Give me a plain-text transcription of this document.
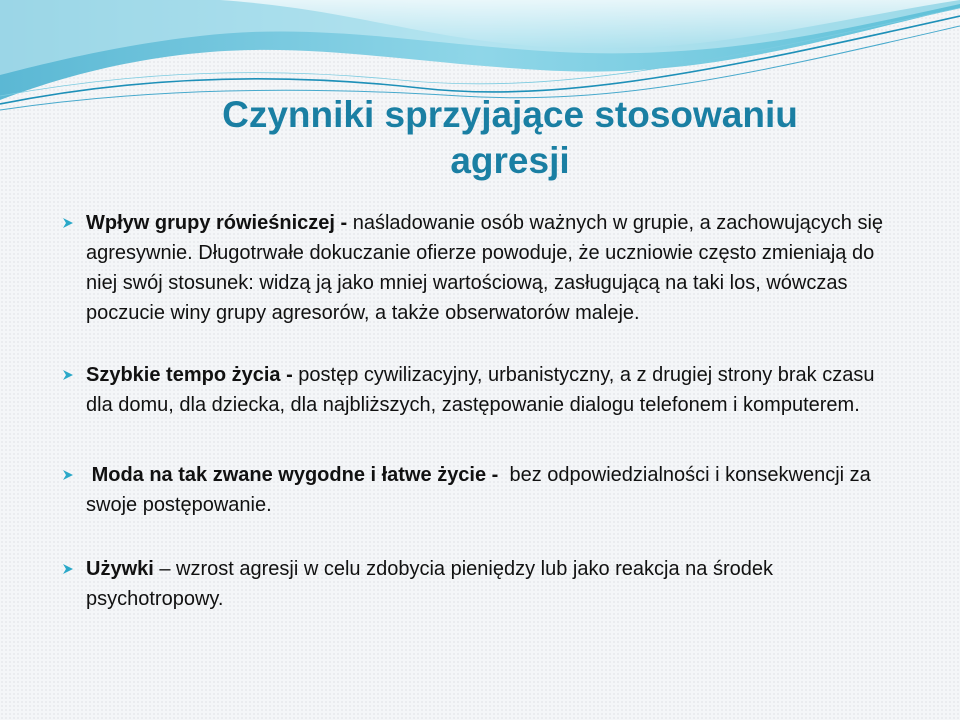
Czynniki sprzyjające stosowaniu
agresji
Wpływ grupy rówieśniczej - naśladowanie osób ważnych w grupie, a zachowujących się agresywnie. Długotrwałe dokuczanie ofierze powoduje, że uczniowie często zmieniają do niej swój stosunek: widzą ją jako mniej wartościową, zasługującą na taki los, wówczas poczucie winy grupy agresorów, a także obserwatorów maleje.
Szybkie tempo życia - postęp cywilizacyjny, urbanistyczny, a z drugiej strony brak czasu dla domu, dla dziecka, dla najbliższych, zastępowanie dialogu telefonem i komputerem.
Moda na tak zwane wygodne i łatwe życie -  bez odpowiedzialności i konsekwencji za swoje postępowanie.
Używki – wzrost agresji w celu zdobycia pieniędzy lub jako reakcja na środek psychotropowy.
